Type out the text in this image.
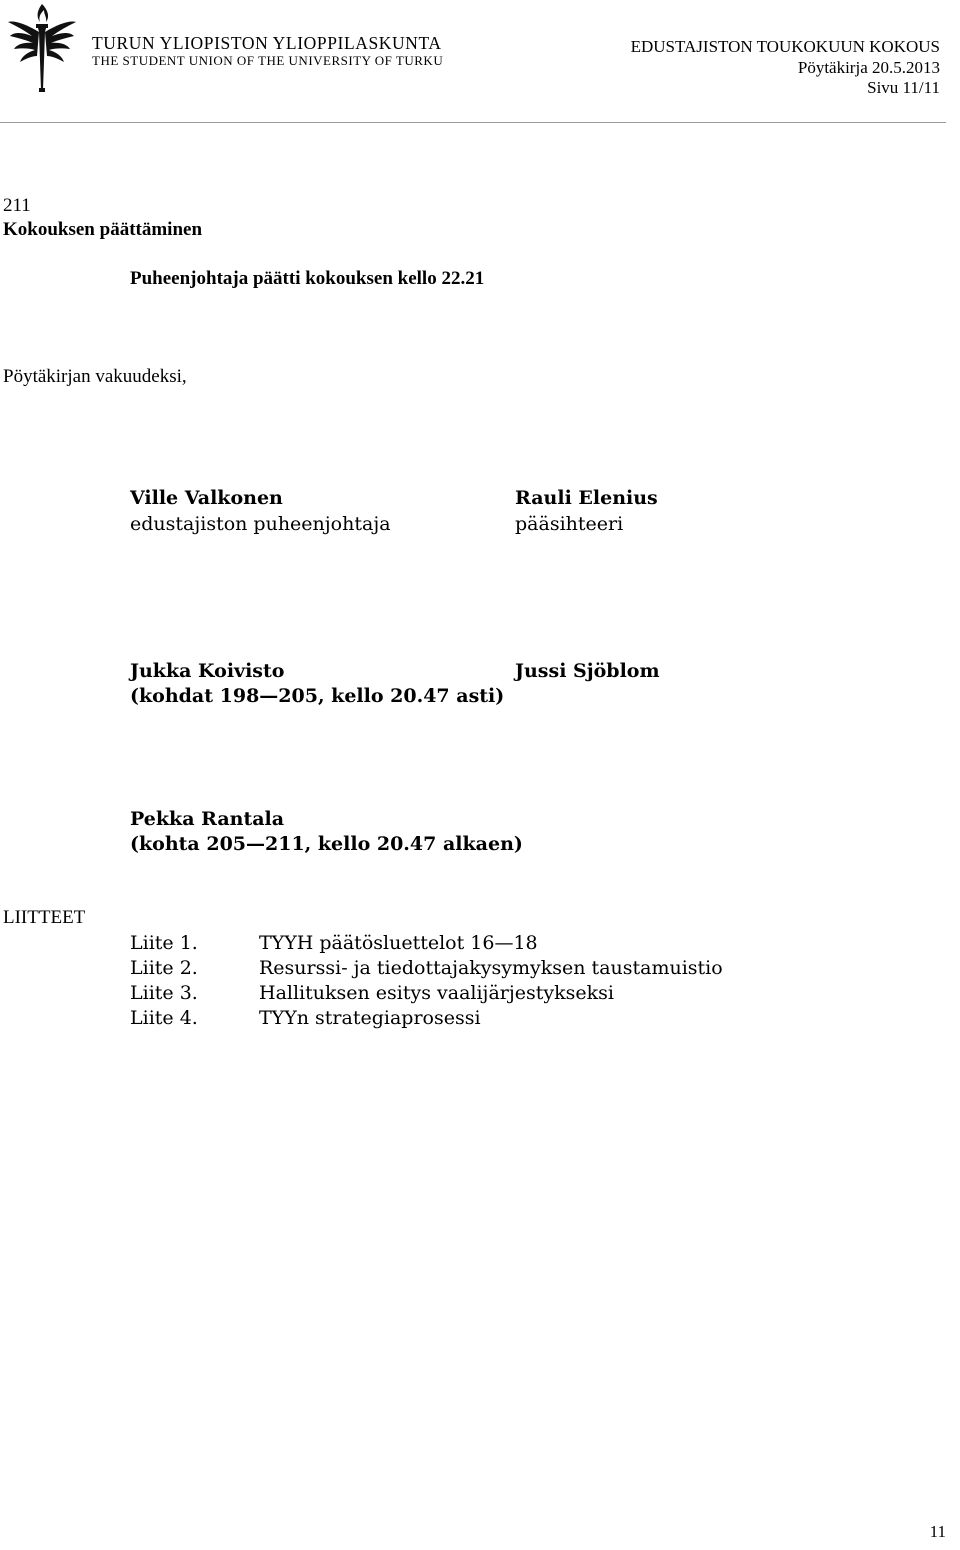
TURUN YLIOPISTON YLIOPPILASKUNTA
THE STUDENT UNION OF THE UNIVERSITY OF TURKU
EDUSTAJISTON TOUKOKUUN KOKOUS
Pöytäkirja 20.5.2013
Sivu 11/11
211
Kokouksen päättäminen
Puheenjohtaja päätti kokouksen kello 22.21
Pöytäkirjan vakuudeksi,
Ville Valkonen
edustajiston puheenjohtaja
Rauli Elenius
pääsihteeri
Jukka Koivisto
(kohdat 198—205, kello 20.47 asti)
Jussi Sjöblom
Pekka Rantala
(kohta 205—211, kello 20.47 alkaen)
LIITTEET
Liite 1.	TYYH päätösluettelot 16—18
Liite 2.	Resurssi- ja tiedottajakysymyksen taustamuistio
Liite 3.	Hallituksen esitys vaalijärjestykseksi
Liite 4.	TYYn strategiaprosessi
11
